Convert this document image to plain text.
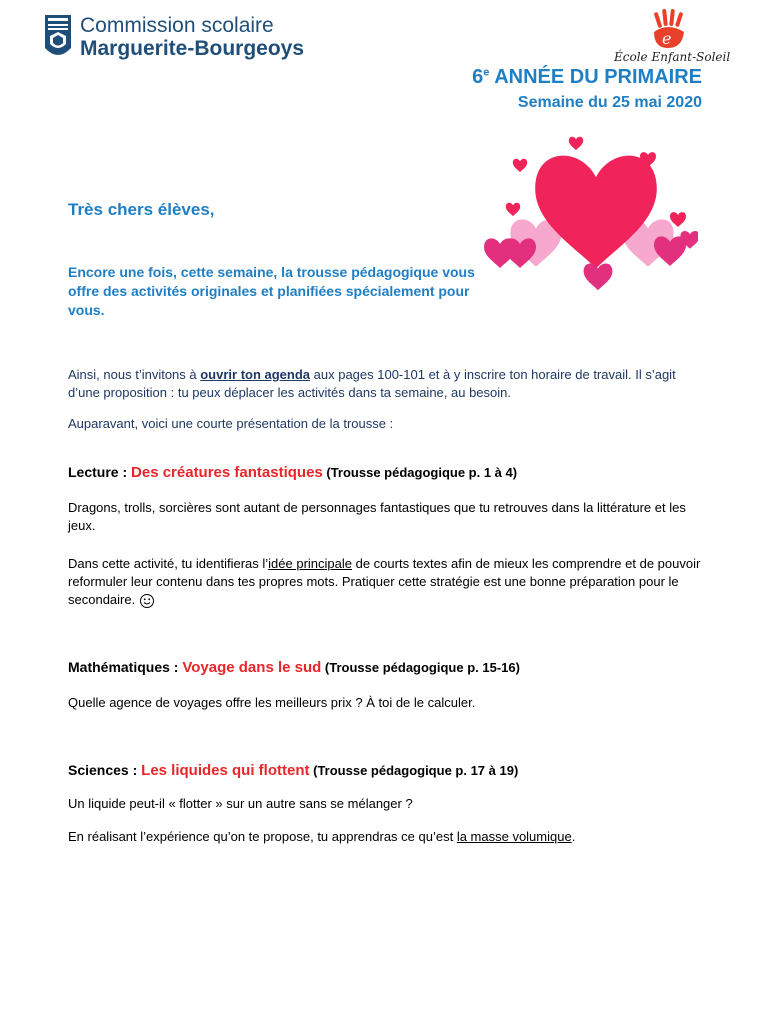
Commission scolaire
Marguerite-Bourgeoys	e
École Enfant-Soleil
6e ANNÉE DU PRIMAIRE
Semaine du 25 mai 2020
Très chers élèves,
Encore une fois, cette semaine, la trousse pédagogique vous offre des activités originales et planifiées spécialement pour vous.
Ainsi, nous t’invitons à ouvrir ton agenda aux pages 100-101 et à y inscrire ton horaire de travail. Il s’agit d’une proposition : tu peux déplacer les activités dans ta semaine, au besoin.
Auparavant, voici une courte présentation de la trousse :
Lecture : Des créatures fantastiques (Trousse pédagogique p. 1 à 4)
Dragons, trolls, sorcières sont autant de personnages fantastiques que tu retrouves dans la littérature et les jeux.
Dans cette activité, tu identifieras l’idée principale de courts textes afin de mieux les comprendre et de pouvoir reformuler leur contenu dans tes propres mots. Pratiquer cette stratégie est une bonne préparation pour le secondaire.
Mathématiques : Voyage dans le sud (Trousse pédagogique p. 15-16)
Quelle agence de voyages offre les meilleurs prix ? À toi de le calculer.
Sciences : Les liquides qui flottent (Trousse pédagogique p. 17 à 19)
Un liquide peut-il « flotter » sur un autre sans se mélanger ?
En réalisant l’expérience qu’on te propose, tu apprendras ce qu’est la masse volumique.
